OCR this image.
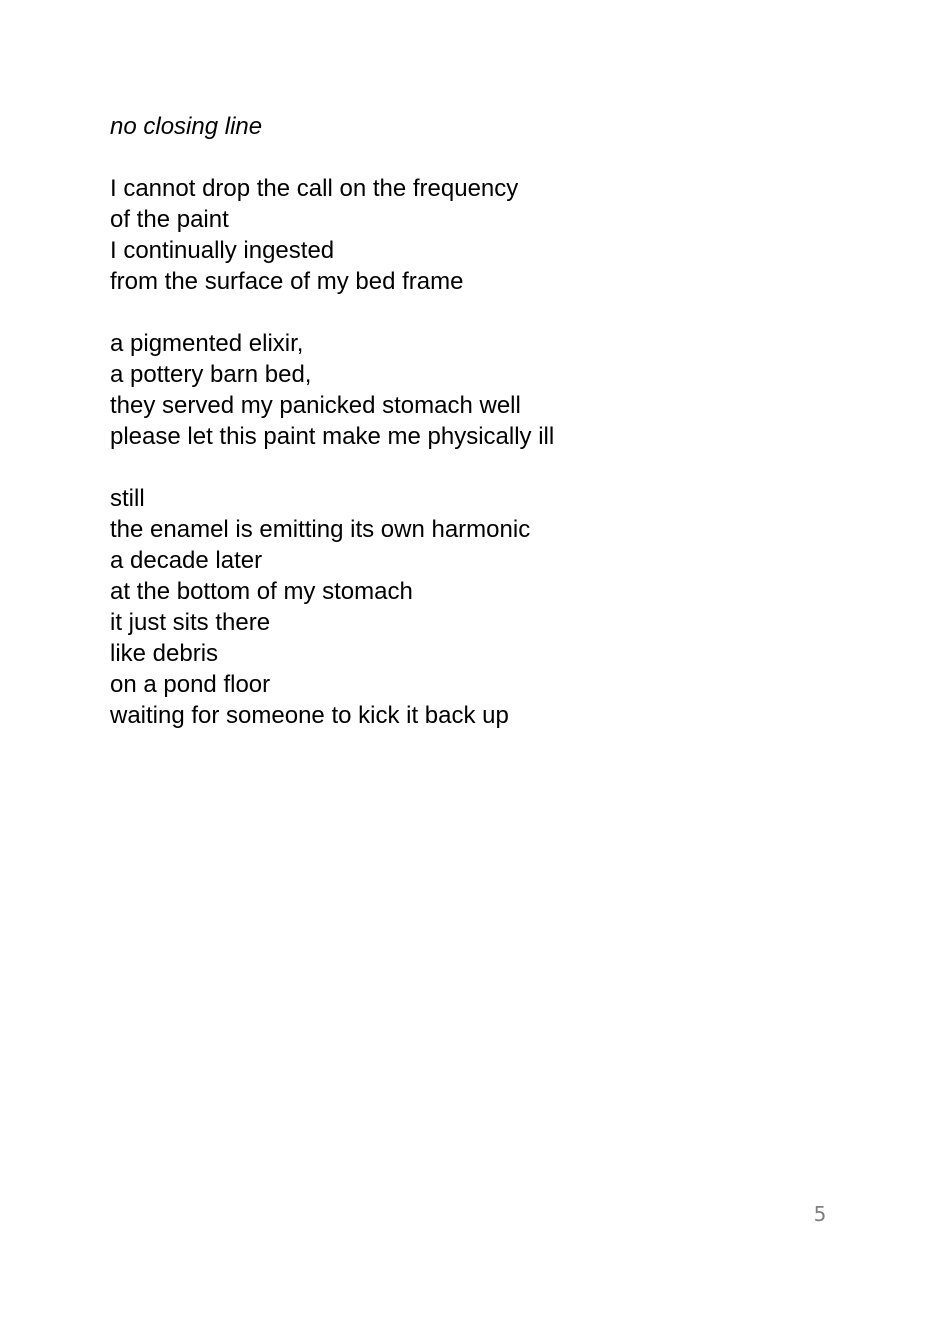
no closing line
I cannot drop the call on the frequency
of the paint
I continually ingested
from the surface of my bed frame
a pigmented elixir,
a pottery barn bed,
they served my panicked stomach well
please let this paint make me physically ill
still
the enamel is emitting its own harmonic
a decade later
at the bottom of my stomach
it just sits there
like debris
on a pond floor
waiting for someone to kick it back up
5
